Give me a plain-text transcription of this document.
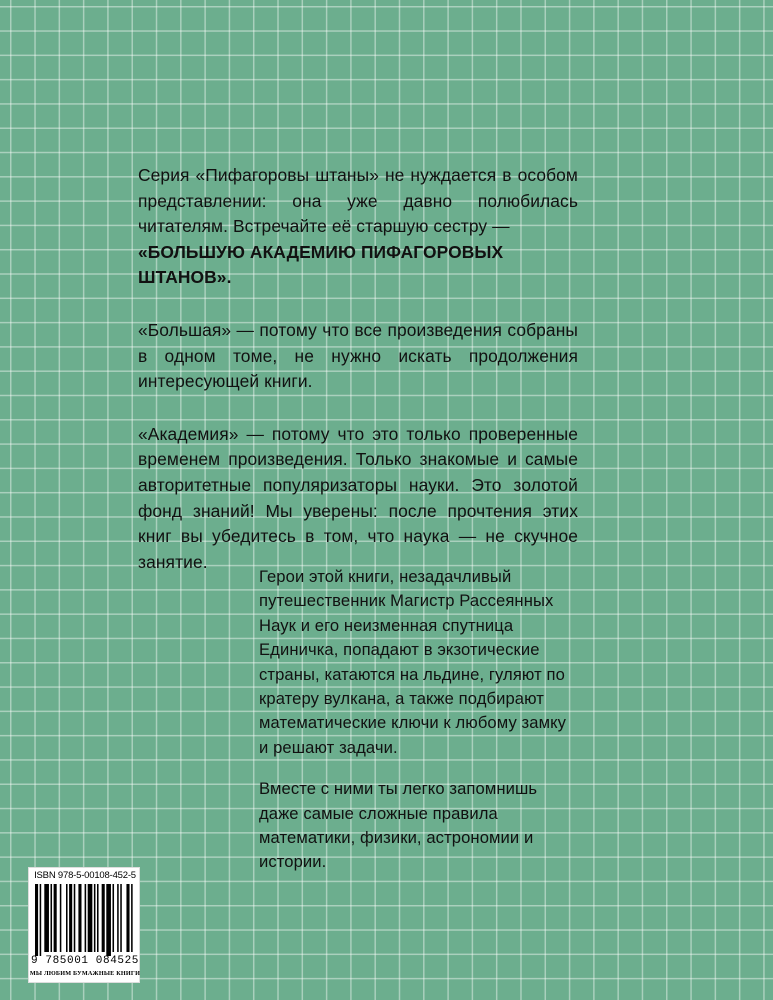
Серия «Пифагоровы штаны» не нуждается в особом представлении: она уже давно полюбилась читателям. Встречайте её старшую сестру —
«БОЛЬШУЮ АКАДЕМИЮ ПИФАГОРОВЫХ ШТАНОВ».

«Большая» — потому что все произведения собраны в одном томе, не нужно искать продолжения интересующей книги.

«Академия» — потому что это только проверенные временем произведения. Только знакомые и самые авторитетные популяризаторы науки. Это золотой фонд знаний! Мы уверены: после прочтения этих книг вы убедитесь в том, что наука — не скучное занятие.

Герои этой книги, незадачливый путешественник Магистр Рассеянных Наук и его неизменная спутница Единичка, попадают в экзотические страны, катаются на льдине, гуляют по кратеру вулкана, а также подбирают математические ключи к любому замку и решают задачи.

Вместе с ними ты легко запомнишь даже самые сложные правила математики, физики, астрономии и истории.

ISBN 978-5-00108-452-5
9 785001 084525
МЫ ЛЮБИМ БУМАЖНЫЕ КНИГИ
